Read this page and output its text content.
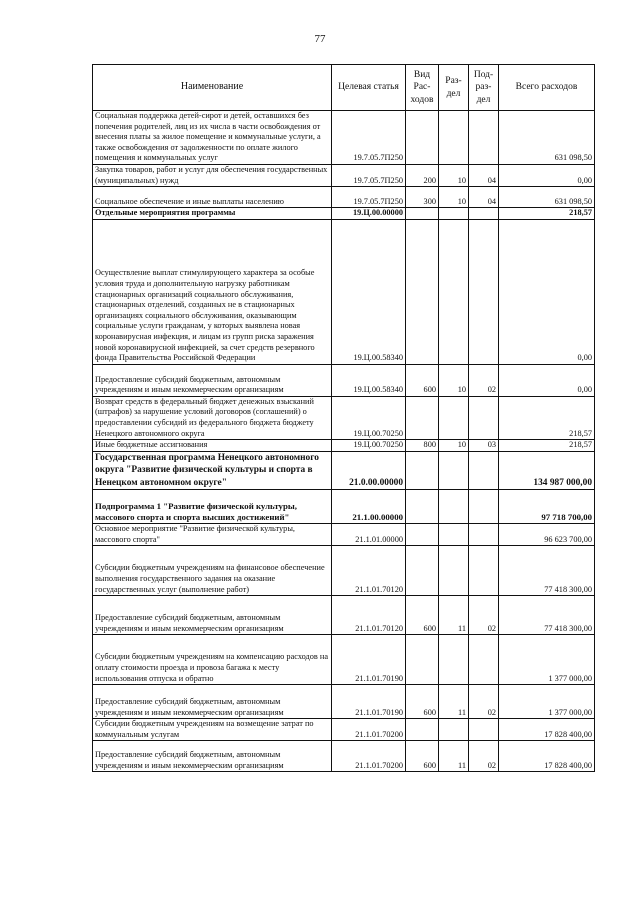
77
Наименование	Целевая статья	Вид Рас-ходов	Раз-дел	Под-раз-дел	Всего расходов
Социальная поддержка детей-сирот и детей, оставшихся без попечения родителей, лиц из их числа в части освобождения от внесения платы за жилое помещение и коммунальные услуги, а также освобождения от задолженности по оплате жилого помещения и коммунальных услуг	19.7.05.7П250				631 098,50
Закупка товаров, работ и услуг для обеспечения государственных (муниципальных) нужд	19.7.05.7П250	200	10	04	0,00
Социальное обеспечение и иные выплаты населению	19.7.05.7П250	300	10	04	631 098,50
Отдельные мероприятия программы	19.Ц.00.00000				218,57
Осуществление выплат стимулирующего характера за особые условия труда и дополнительную нагрузку работникам стационарных организаций социального обслуживания, стационарных отделений, созданных не в стационарных организациях социального обслуживания, оказывающим социальные услуги гражданам, у которых выявлена новая коронавирусная инфекция, и лицам из групп риска заражения новой коронавирусной инфекцией, за счет средств резервного фонда Правительства Российской Федерации	19.Ц.00.58340				0,00
Предоставление субсидий бюджетным, автономным учреждениям и иным некоммерческим организациям	19.Ц.00.58340	600	10	02	0,00
Возврат средств в федеральный бюджет денежных взысканий (штрафов) за нарушение условий договоров (соглашений) о предоставлении субсидий из федерального бюджета бюджету Ненецкого автономного округа	19.Ц.00.70250				218,57
Иные бюджетные ассигнования	19.Ц.00.70250	800	10	03	218,57
Государственная программа Ненецкого автономного округа "Развитие физической культуры и спорта в Ненецком автономном округе"	21.0.00.00000				134 987 000,00
Подпрограмма 1 "Развитие физической культуры, массового спорта и спорта высших достижений"	21.1.00.00000				97 718 700,00
Основное мероприятие "Развитие физической культуры, массового спорта"	21.1.01.00000				96 623 700,00
Субсидии бюджетным учреждениям на финансовое обеспечение выполнения государственного задания на оказание государственных услуг (выполнение работ)	21.1.01.70120				77 418 300,00
Предоставление субсидий бюджетным, автономным учреждениям и иным некоммерческим организациям	21.1.01.70120	600	11	02	77 418 300,00
Субсидии бюджетным учреждениям на компенсацию расходов на оплату стоимости проезда и провоза багажа к месту использования отпуска и обратно	21.1.01.70190				1 377 000,00
Предоставление субсидий бюджетным, автономным учреждениям и иным некоммерческим организациям	21.1.01.70190	600	11	02	1 377 000,00
Субсидии бюджетным учреждениям на возмещение затрат по коммунальным услугам	21.1.01.70200				17 828 400,00
Предоставление субсидий бюджетным, автономным учреждениям и иным некоммерческим организациям	21.1.01.70200	600	11	02	17 828 400,00
